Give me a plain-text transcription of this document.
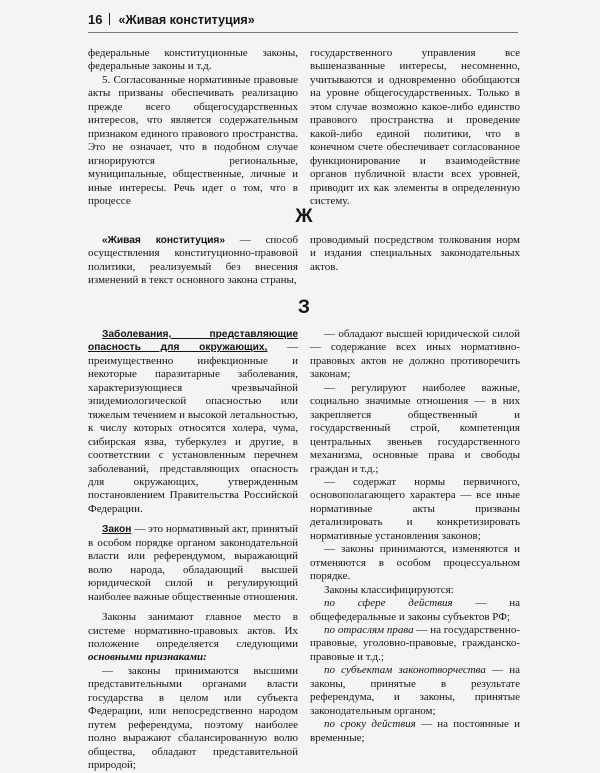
16 «Живая конституция»

федеральные конституционные законы, федеральные законы и т.д.

5. Согласованные нормативные правовые акты призваны обеспечивать реализацию прежде всего общегосударственных интересов, что является содержательным признаком единого правового пространства. Это не означает, что в подобном случае игнорируются региональные, муниципальные, общественные, личные и иные интересы. Речь идет о том, что в процессе

государственного управления все вышеназванные интересы, несомненно, учитываются и одновременно обобщаются на уровне общегосударственных. Только в этом случае возможно какое-либо единство правового пространства и проведение какой-либо единой политики, что в конечном счете обеспечивает согласованное функционирование и взаимодействие органов публичной власти всех уровней, приводит их как элементы в определенную систему.

Ж

«Живая конституция» — способ осуществления конституционно-правовой политики, реализуемый без внесения изменений в текст основного закона страны,

проводимый посредством толкования норм и издания специальных законодательных актов.

З

Заболевания, представляющие опасность для окружающих, — преимущественно инфекционные и некоторые паразитарные заболевания, характеризующиеся чрезвычайной эпидемиологической опасностью или тяжелым течением и высокой летальностью, к числу которых относятся холера, чума, сибирская язва, туберкулез и другие, в соответствии с установленным перечнем заболеваний, представляющих опасность для окружающих, утвержденным постановлением Правительства Российской Федерации.

Закон — это нормативный акт, принятый в особом порядке органом законодательной власти или референдумом, выражающий волю народа, обладающий высшей юридической силой и регулирующий наиболее важные общественные отношения.

Законы занимают главное место в системе нормативно-правовых актов. Их положение определяется следующими основными признаками:

— законы принимаются высшими представительными органами власти государства в целом или субъекта Федерации, или непосредственно народом путем референдума, поэтому наиболее полно выражают сбалансированную волю общества, обладают представительной природой;

— обладают высшей юридической силой — содержание всех иных нормативно-правовых актов не должно противоречить законам;

— регулируют наиболее важные, социально значимые отношения — в них закрепляется общественный и государственный строй, компетенция центральных звеньев государственного механизма, основные права и свободы граждан и т.д.;

— содержат нормы первичного, основополагающего характера — все иные нормативные акты призваны детализировать и конкретизировать нормативные установления законов;

— законы принимаются, изменяются и отменяются в особом процессуальном порядке.

Законы классифицируются:

по сфере действия — на общефедеральные и законы субъектов РФ;

по отраслям права — на государственно-правовые, уголовно-правовые, гражданско-правовые и т.д.;

по субъектам законотворчества — на законы, принятые в результате референдума, и законы, принятые законодательным органом;

по сроку действия — на постоянные и временные;
